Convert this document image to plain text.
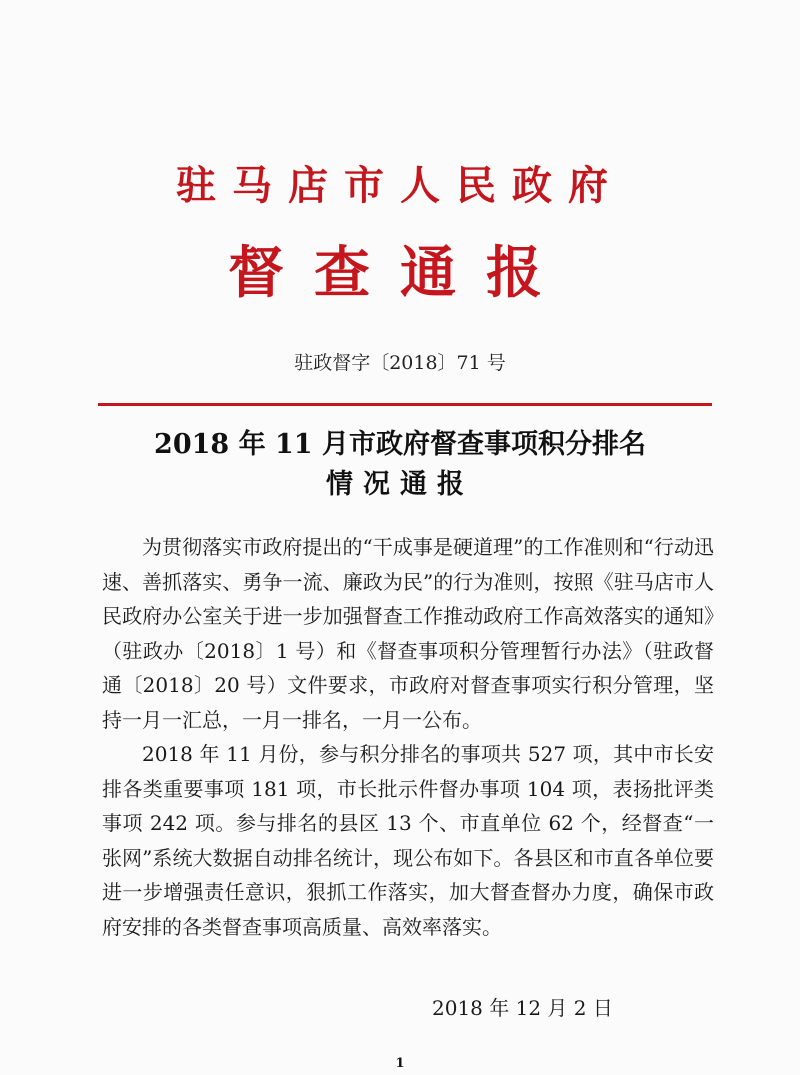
驻马店市人民政府
督查通报
驻政督字〔2018〕71 号
2018 年 11 月市政府督查事项积分排名
情况通报

为贯彻落实市政府提出的“干成事是硬道理”的工作准则和“行动迅速、善抓落实、勇争一流、廉政为民”的行为准则，按照《驻马店市人民政府办公室关于进一步加强督查工作推动政府工作高效落实的通知》（驻政办〔2018〕1 号）和《督查事项积分管理暂行办法》（驻政督通〔2018〕20 号）文件要求，市政府对督查事项实行积分管理，坚持一月一汇总，一月一排名，一月一公布。

2018 年 11 月份，参与积分排名的事项共 527 项，其中市长安排各类重要事项 181 项，市长批示件督办事项 104 项，表扬批评类事项 242 项。参与排名的县区 13 个、市直单位 62 个，经督查“一张网”系统大数据自动排名统计，现公布如下。各县区和市直各单位要进一步增强责任意识，狠抓工作落实，加大督查督办力度，确保市政府安排的各类督查事项高质量、高效率落实。

2018 年 12 月 2 日
1
